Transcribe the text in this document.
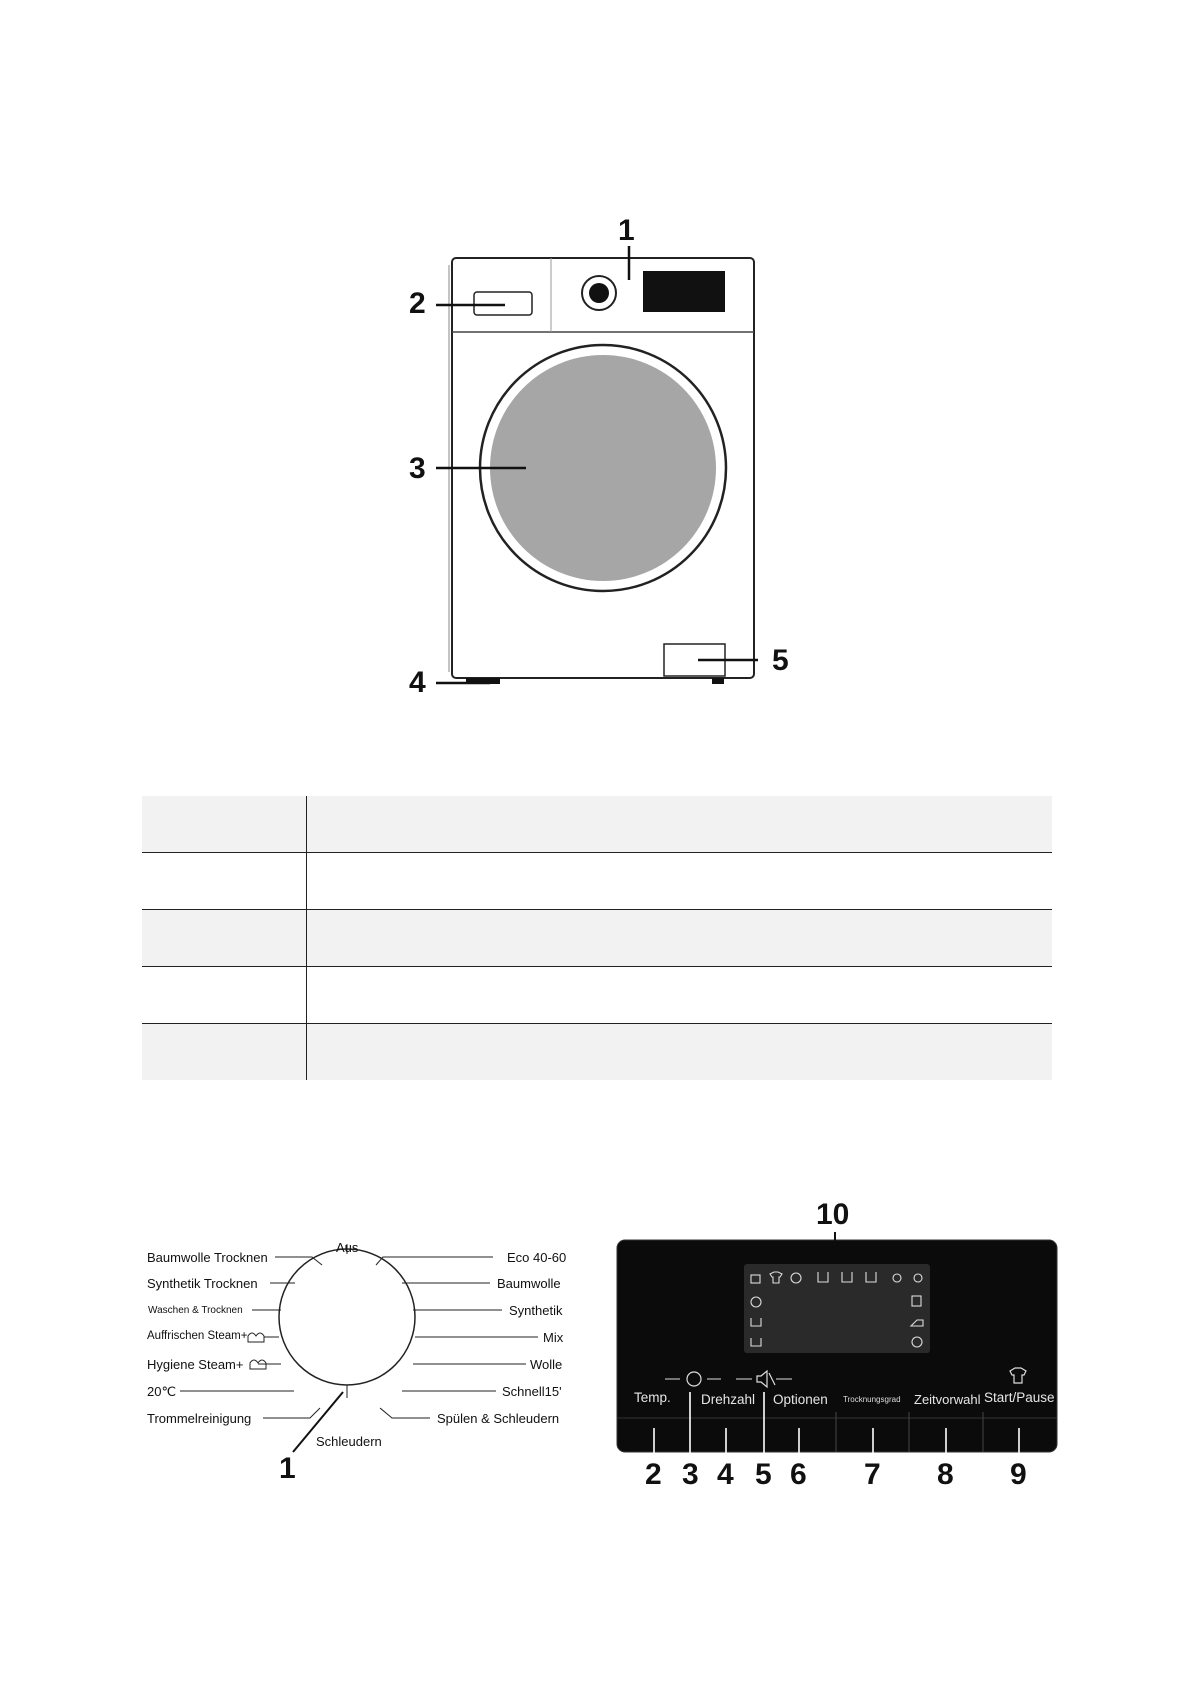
1
2
3
4
5

Aus
Schleudern
Baumwolle Trocknen
Synthetik Trocknen
Waschen & Trocknen
Auffrischen Steam+
Hygiene Steam+
20℃
Trommelreinigung
Eco 40-60
Baumwolle
Synthetik
Mix
Wolle
Schnell15'
Spülen & Schleudern
1
03:20
Temp. Drehzahl Optionen Trocknungsgrad Zeitvorwahl Start/Pause
10
2 3 4 5 6 7 8 9
